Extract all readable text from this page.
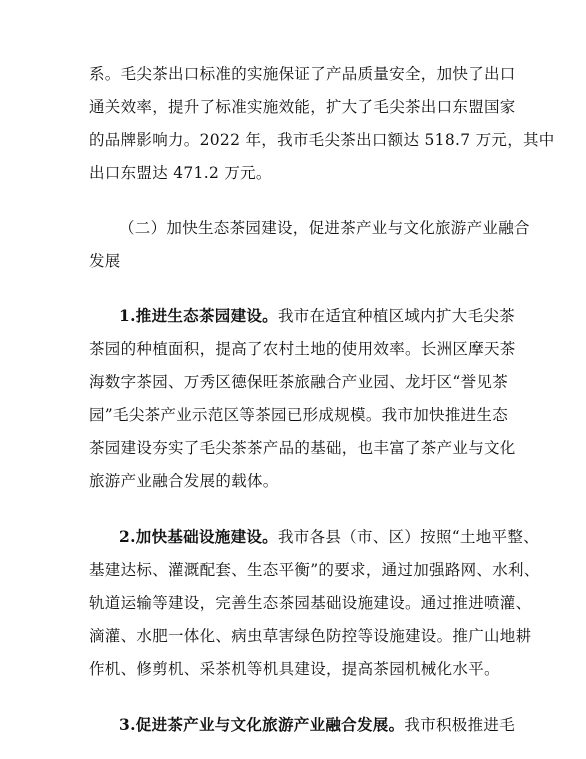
系。毛尖茶出口标准的实施保证了产品质量安全，加快了出口
通关效率，提升了标准实施效能，扩大了毛尖茶出口东盟国家
的品牌影响力。2022 年，我市毛尖茶出口额达 518.7 万元，其中
出口东盟达 471.2 万元。
（二）加快生态茶园建设，促进茶产业与文化旅游产业融合
发展
1.推进生态茶园建设。我市在适宜种植区域内扩大毛尖茶
茶园的种植面积，提高了农村土地的使用效率。长洲区摩天茶
海数字茶园、万秀区德保旺茶旅融合产业园、龙圩区“誉见茶
园”毛尖茶产业示范区等茶园已形成规模。我市加快推进生态
茶园建设夯实了毛尖茶茶产品的基础，也丰富了茶产业与文化
旅游产业融合发展的载体。
2.加快基础设施建设。我市各县（市、区）按照“土地平整、
基建达标、灌溉配套、生态平衡”的要求，通过加强路网、水利、
轨道运输等建设，完善生态茶园基础设施建设。通过推进喷灌、
滴灌、水肥一体化、病虫草害绿色防控等设施建设。推广山地耕
作机、修剪机、采茶机等机具建设，提高茶园机械化水平。
3.促进茶产业与文化旅游产业融合发展。我市积极推进毛
